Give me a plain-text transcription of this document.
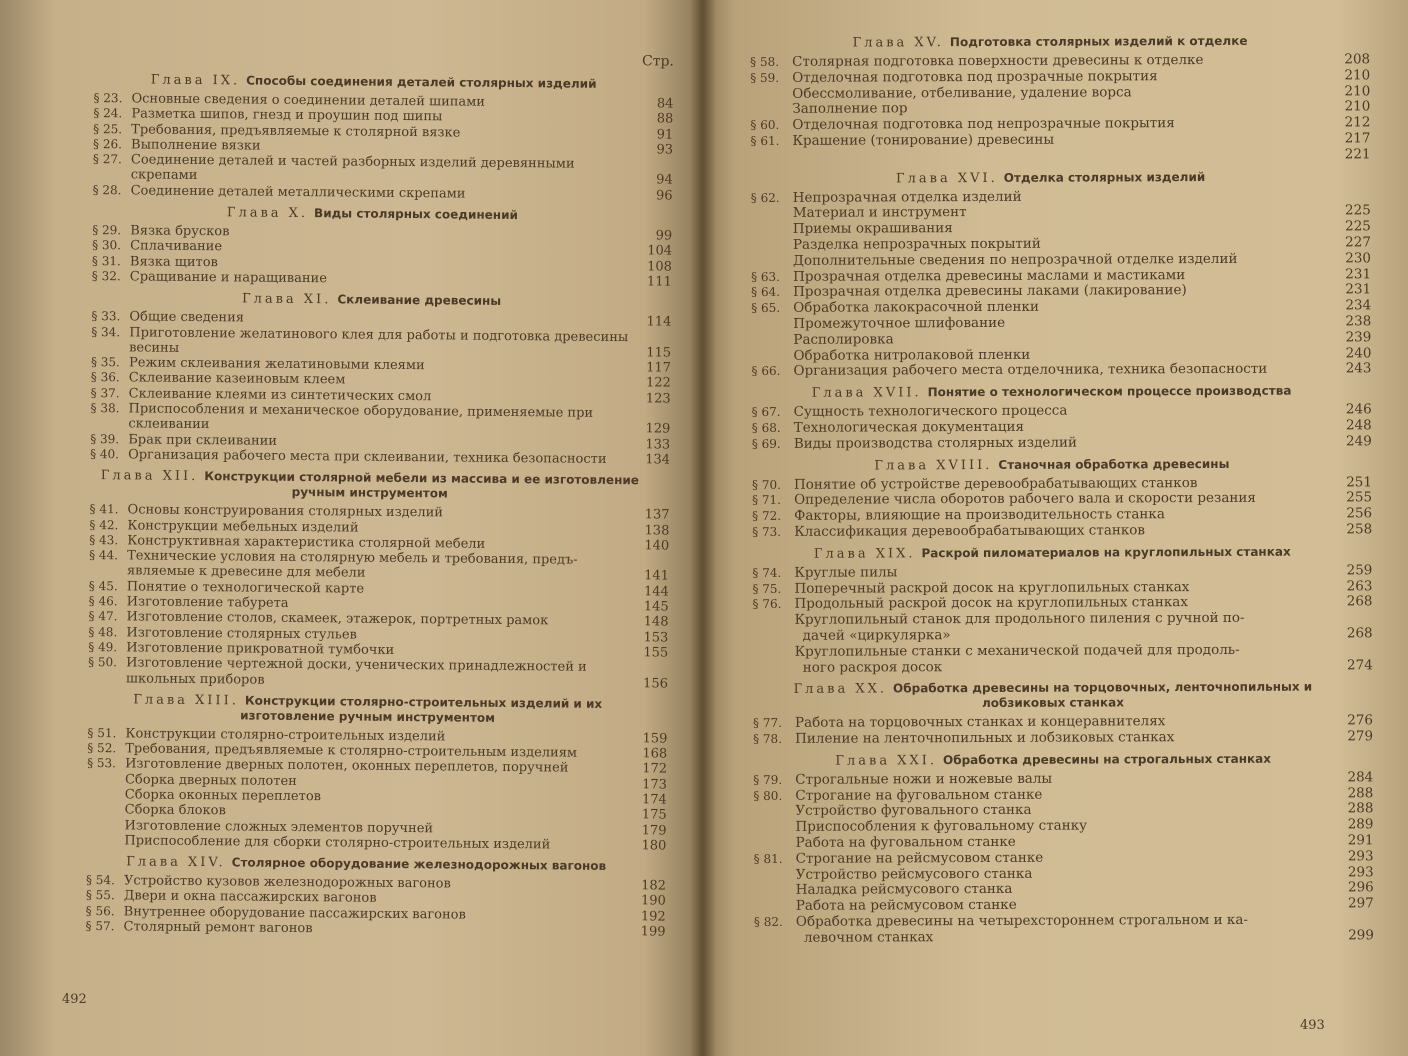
Стр.
Глава IX. Способы соединения деталей столярных изделий
§ 23. Основные сведения о соединении деталей шипами	84
§ 24. Разметка шипов, гнезд и проушин под шипы	88
§ 25. Требования, предъявляемые к столярной вязке	91
§ 26. Выполнение вязки	93
§ 27. Соединение деталей и частей разборных изделий деревянными
скрепами	94
§ 28. Соединение деталей металлическими скрепами	96
Глава X. Виды столярных соединений
§ 29. Вязка брусков	99
§ 30. Сплачивание	104
§ 31. Вязка щитов	108
§ 32. Сращивание и наращивание	111
Глава XI. Склеивание древесины
§ 33. Общие сведения	114
§ 34. Приготовление желатинового клея для работы и подготовка древесины
весины	115
§ 35. Режим склеивания желатиновыми клеями	117
§ 36. Склеивание казеиновым клеем	122
§ 37. Склеивание клеями из синтетических смол	123
§ 38. Приспособления и механическое оборудование, применяемые при
склеивании	129
§ 39. Брак при склеивании	133
§ 40. Организация рабочего места при склеивании, техника безопасности	134
Глава XII. Конструкции столярной мебели из массива и ее изготовление ручным инструментом
§ 41. Основы конструирования столярных изделий	137
§ 42. Конструкции мебельных изделий	138
§ 43. Конструктивная характеристика столярной мебели	140
§ 44. Технические условия на столярную мебель и требования, предъ-
являемые к древесине для мебели	141
§ 45. Понятие о технологической карте	144
§ 46. Изготовление табурета	145
§ 47. Изготовление столов, скамеек, этажерок, портретных рамок	148
§ 48. Изготовление столярных стульев	153
§ 49. Изготовление прикроватной тумбочки	155
§ 50. Изготовление чертежной доски, ученических принадлежностей и
школьных приборов	156
Глава XIII. Конструкции столярно-строительных изделий и их изготовление ручным инструментом
§ 51. Конструкции столярно-строительных изделий	159
§ 52. Требования, предъявляемые к столярно-строительным изделиям	168
§ 53. Изготовление дверных полотен, оконных переплетов, поручней	172
Сборка дверных полотен	173
Сборка оконных переплетов	174
Сборка блоков	175
Изготовление сложных элементов поручней	179
Приспособление для сборки столярно-строительных изделий	180
Глава XIV. Столярное оборудование железнодорожных вагонов
§ 54. Устройство кузовов железнодорожных вагонов	182
§ 55. Двери и окна пассажирских вагонов	190
§ 56. Внутреннее оборудование пассажирских вагонов	192
§ 57. Столярный ремонт вагонов	199
492
Глава XV. Подготовка столярных изделий к отделке
§ 58. Столярная подготовка поверхности древесины к отделке	208
§ 59. Отделочная подготовка под прозрачные покрытия	210
Обессмоливание, отбеливание, удаление ворса	210
Заполнение пор	210
§ 60. Отделочная подготовка под непрозрачные покрытия	212
§ 61. Крашение (тонирование) древесины	217
221
Глава XVI. Отделка столярных изделий
§ 62. Непрозрачная отделка изделий
Материал и инструмент	225
Приемы окрашивания	225
Разделка непрозрачных покрытий	227
Дополнительные сведения по непрозрачной отделке изделий	230
§ 63. Прозрачная отделка древесины маслами и мастиками	231
§ 64. Прозрачная отделка древесины лаками (лакирование)	231
§ 65. Обработка лакокрасочной пленки	234
Промежуточное шлифование	238
Располировка	239
Обработка нитролаковой пленки	240
§ 66. Организация рабочего места отделочника, техника безопасности	243
Глава XVII. Понятие о технологическом процессе производства
§ 67. Сущность технологического процесса	246
§ 68. Технологическая документация	248
§ 69. Виды производства столярных изделий	249
Глава XVIII. Станочная обработка древесины
§ 70. Понятие об устройстве деревообрабатывающих станков	251
§ 71. Определение числа оборотов рабочего вала и скорости резания	255
§ 72. Факторы, влияющие на производительность станка	256
§ 73. Классификация деревообрабатывающих станков	258
Глава XIX. Раскрой пиломатериалов на круглопильных станках
§ 74. Круглые пилы	259
§ 75. Поперечный раскрой досок на круглопильных станках	263
§ 76. Продольный раскрой досок на круглопильных станках	268
Круглопильный станок для продольного пиления с ручной по-
дачей «циркулярка»	268
Круглопильные станки с механической подачей для продоль-
ного раскроя досок	274
Глава XX. Обработка древесины на торцовочных, ленточнопильных и лобзиковых станках
§ 77. Работа на торцовочных станках и концеравнителях	276
§ 78. Пиление на ленточнопильных и лобзиковых станках	279
Глава XXI. Обработка древесины на строгальных станках
§ 79. Строгальные ножи и ножевые валы	284
§ 80. Строгание на фуговальном станке	288
Устройство фуговального станка	288
Приспособления к фуговальному станку	289
Работа на фуговальном станке	291
§ 81. Строгание на рейсмусовом станке	293
Устройство рейсмусового станка	293
Наладка рейсмусового станка	296
Работа на рейсмусовом станке	297
§ 82. Обработка древесины на четырехстороннем строгальном и ка-
левочном станках	299
493
